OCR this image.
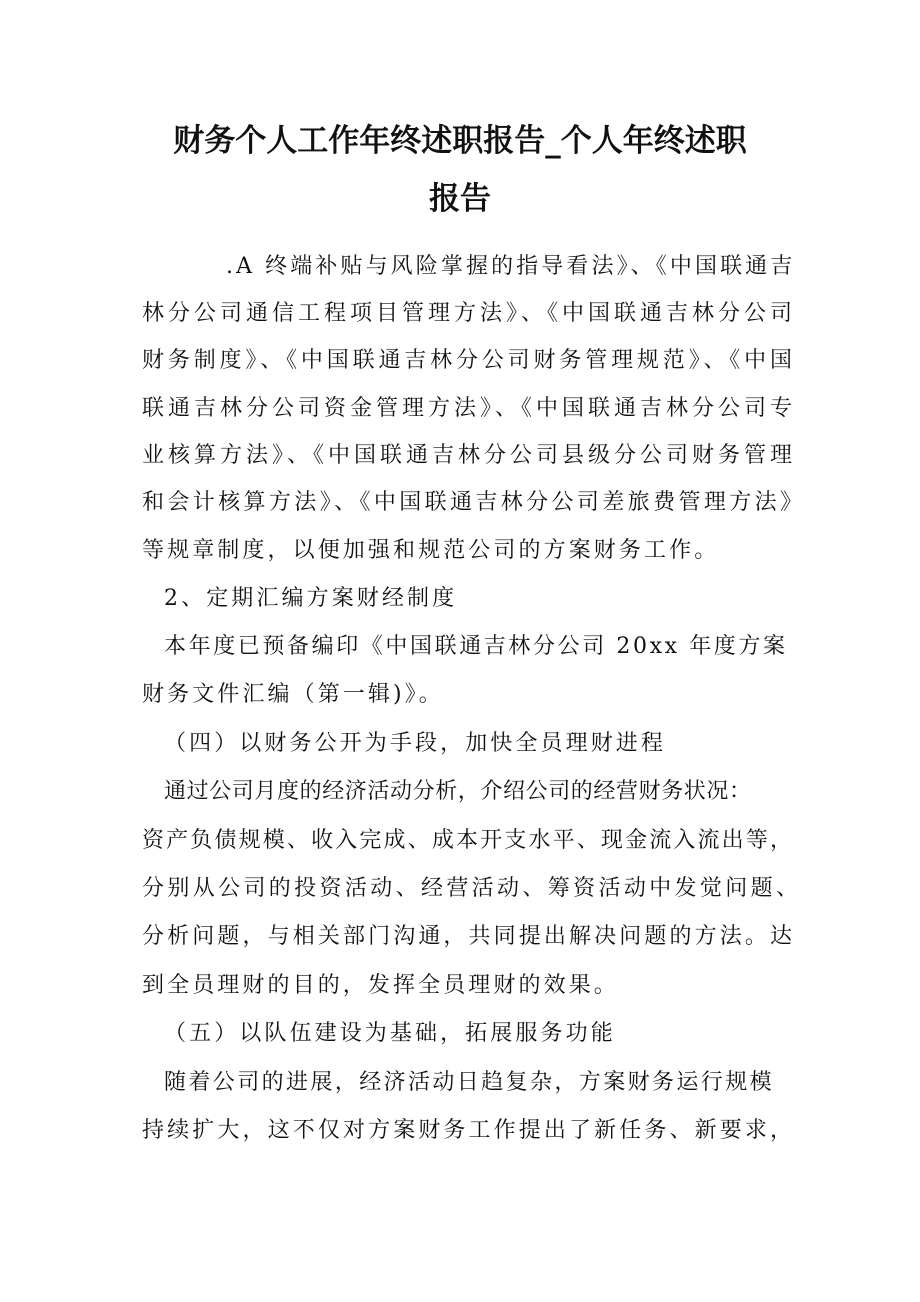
财务个人工作年终述职报告_个人年终述职
报告
.A 终端补贴与风险掌握的指导看法》、《中国联通吉
林分公司通信工程项目管理方法》、《中国联通吉林分公司
财务制度》、《中国联通吉林分公司财务管理规范》、《中国
联通吉林分公司资金管理方法》、《中国联通吉林分公司专
业核算方法》、《中国联通吉林分公司县级分公司财务管理
和会计核算方法》、《中国联通吉林分公司差旅费管理方法》
等规章制度，以便加强和规范公司的方案财务工作。
2、定期汇编方案财经制度
本年度已预备编印《中国联通吉林分公司 20xx 年度方案
财务文件汇编（第一辑)》。
（四）以财务公开为手段，加快全员理财进程
通过公司月度的经济活动分析，介绍公司的经营财务状况：
资产负债规模、收入完成、成本开支水平、现金流入流出等，
分别从公司的投资活动、经营活动、筹资活动中发觉问题、
分析问题，与相关部门沟通，共同提出解决问题的方法。达
到全员理财的目的，发挥全员理财的效果。
（五）以队伍建设为基础，拓展服务功能
随着公司的进展，经济活动日趋复杂，方案财务运行规模
持续扩大，这不仅对方案财务工作提出了新任务、新要求，
